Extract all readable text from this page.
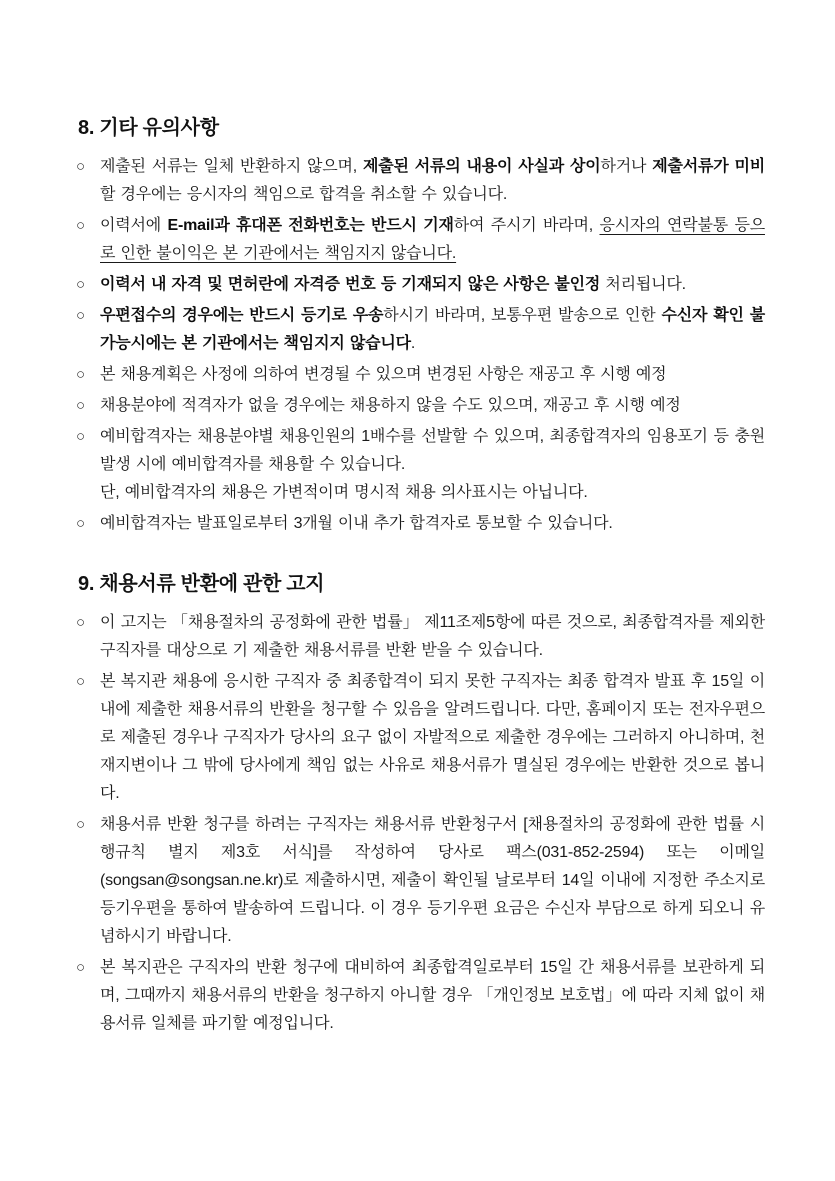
8. 기타 유의사항
○ 제출된 서류는 일체 반환하지 않으며, 제출된 서류의 내용이 사실과 상이하거나 제출서류가 미비할 경우에는 응시자의 책임으로 합격을 취소할 수 있습니다.

○ 이력서에 E-mail과 휴대폰 전화번호는 반드시 기재하여 주시기 바라며, 응시자의 연락불통 등으로 인한 불이익은 본 기관에서는 책임지지 않습니다.

○ 이력서 내 자격 및 면허란에 자격증 번호 등 기재되지 않은 사항은 불인정 처리됩니다.

○ 우편접수의 경우에는 반드시 등기로 우송하시기 바라며, 보통우편 발송으로 인한 수신자 확인 불가능시에는 본 기관에서는 책임지지 않습니다.

○ 본 채용계획은 사정에 의하여 변경될 수 있으며 변경된 사항은 재공고 후 시행 예정

○ 채용분야에 적격자가 없을 경우에는 채용하지 않을 수도 있으며, 재공고 후 시행 예정

○ 예비합격자는 채용분야별 채용인원의 1배수를 선발할 수 있으며, 최종합격자의 임용포기 등 충원 발생 시에 예비합격자를 채용할 수 있습니다.
단, 예비합격자의 채용은 가변적이며 명시적 채용 의사표시는 아닙니다.

○ 예비합격자는 발표일로부터 3개월 이내 추가 합격자로 통보할 수 있습니다.

9. 채용서류 반환에 관한 고지
○ 이 고지는 「채용절차의 공정화에 관한 법률」 제11조제5항에 따른 것으로, 최종합격자를 제외한 구직자를 대상으로 기 제출한 채용서류를 반환 받을 수 있습니다.

○ 본 복지관 채용에 응시한 구직자 중 최종합격이 되지 못한 구직자는 최종 합격자 발표 후 15일 이내에 제출한 채용서류의 반환을 청구할 수 있음을 알려드립니다. 다만, 홈페이지 또는 전자우편으로 제출된 경우나 구직자가 당사의 요구 없이 자발적으로 제출한 경우에는 그러하지 아니하며, 천재지변이나 그 밖에 당사에게 책임 없는 사유로 채용서류가 멸실된 경우에는 반환한 것으로 봅니다.

○ 채용서류 반환 청구를 하려는 구직자는 채용서류 반환청구서 [채용절차의 공정화에 관한 법률 시행규칙 별지 제3호 서식]를 작성하여 당사로 팩스(031-852-2594) 또는 이메일(songsan@songsan.ne.kr)로 제출하시면, 제출이 확인될 날로부터 14일 이내에 지정한 주소지로 등기우편을 통하여 발송하여 드립니다. 이 경우 등기우편 요금은 수신자 부담으로 하게 되오니 유념하시기 바랍니다.

○ 본 복지관은 구직자의 반환 청구에 대비하여 최종합격일로부터 15일 간 채용서류를 보관하게 되며, 그때까지 채용서류의 반환을 청구하지 아니할 경우 「개인정보 보호법」에 따라 지체 없이 채용서류 일체를 파기할 예정입니다.
